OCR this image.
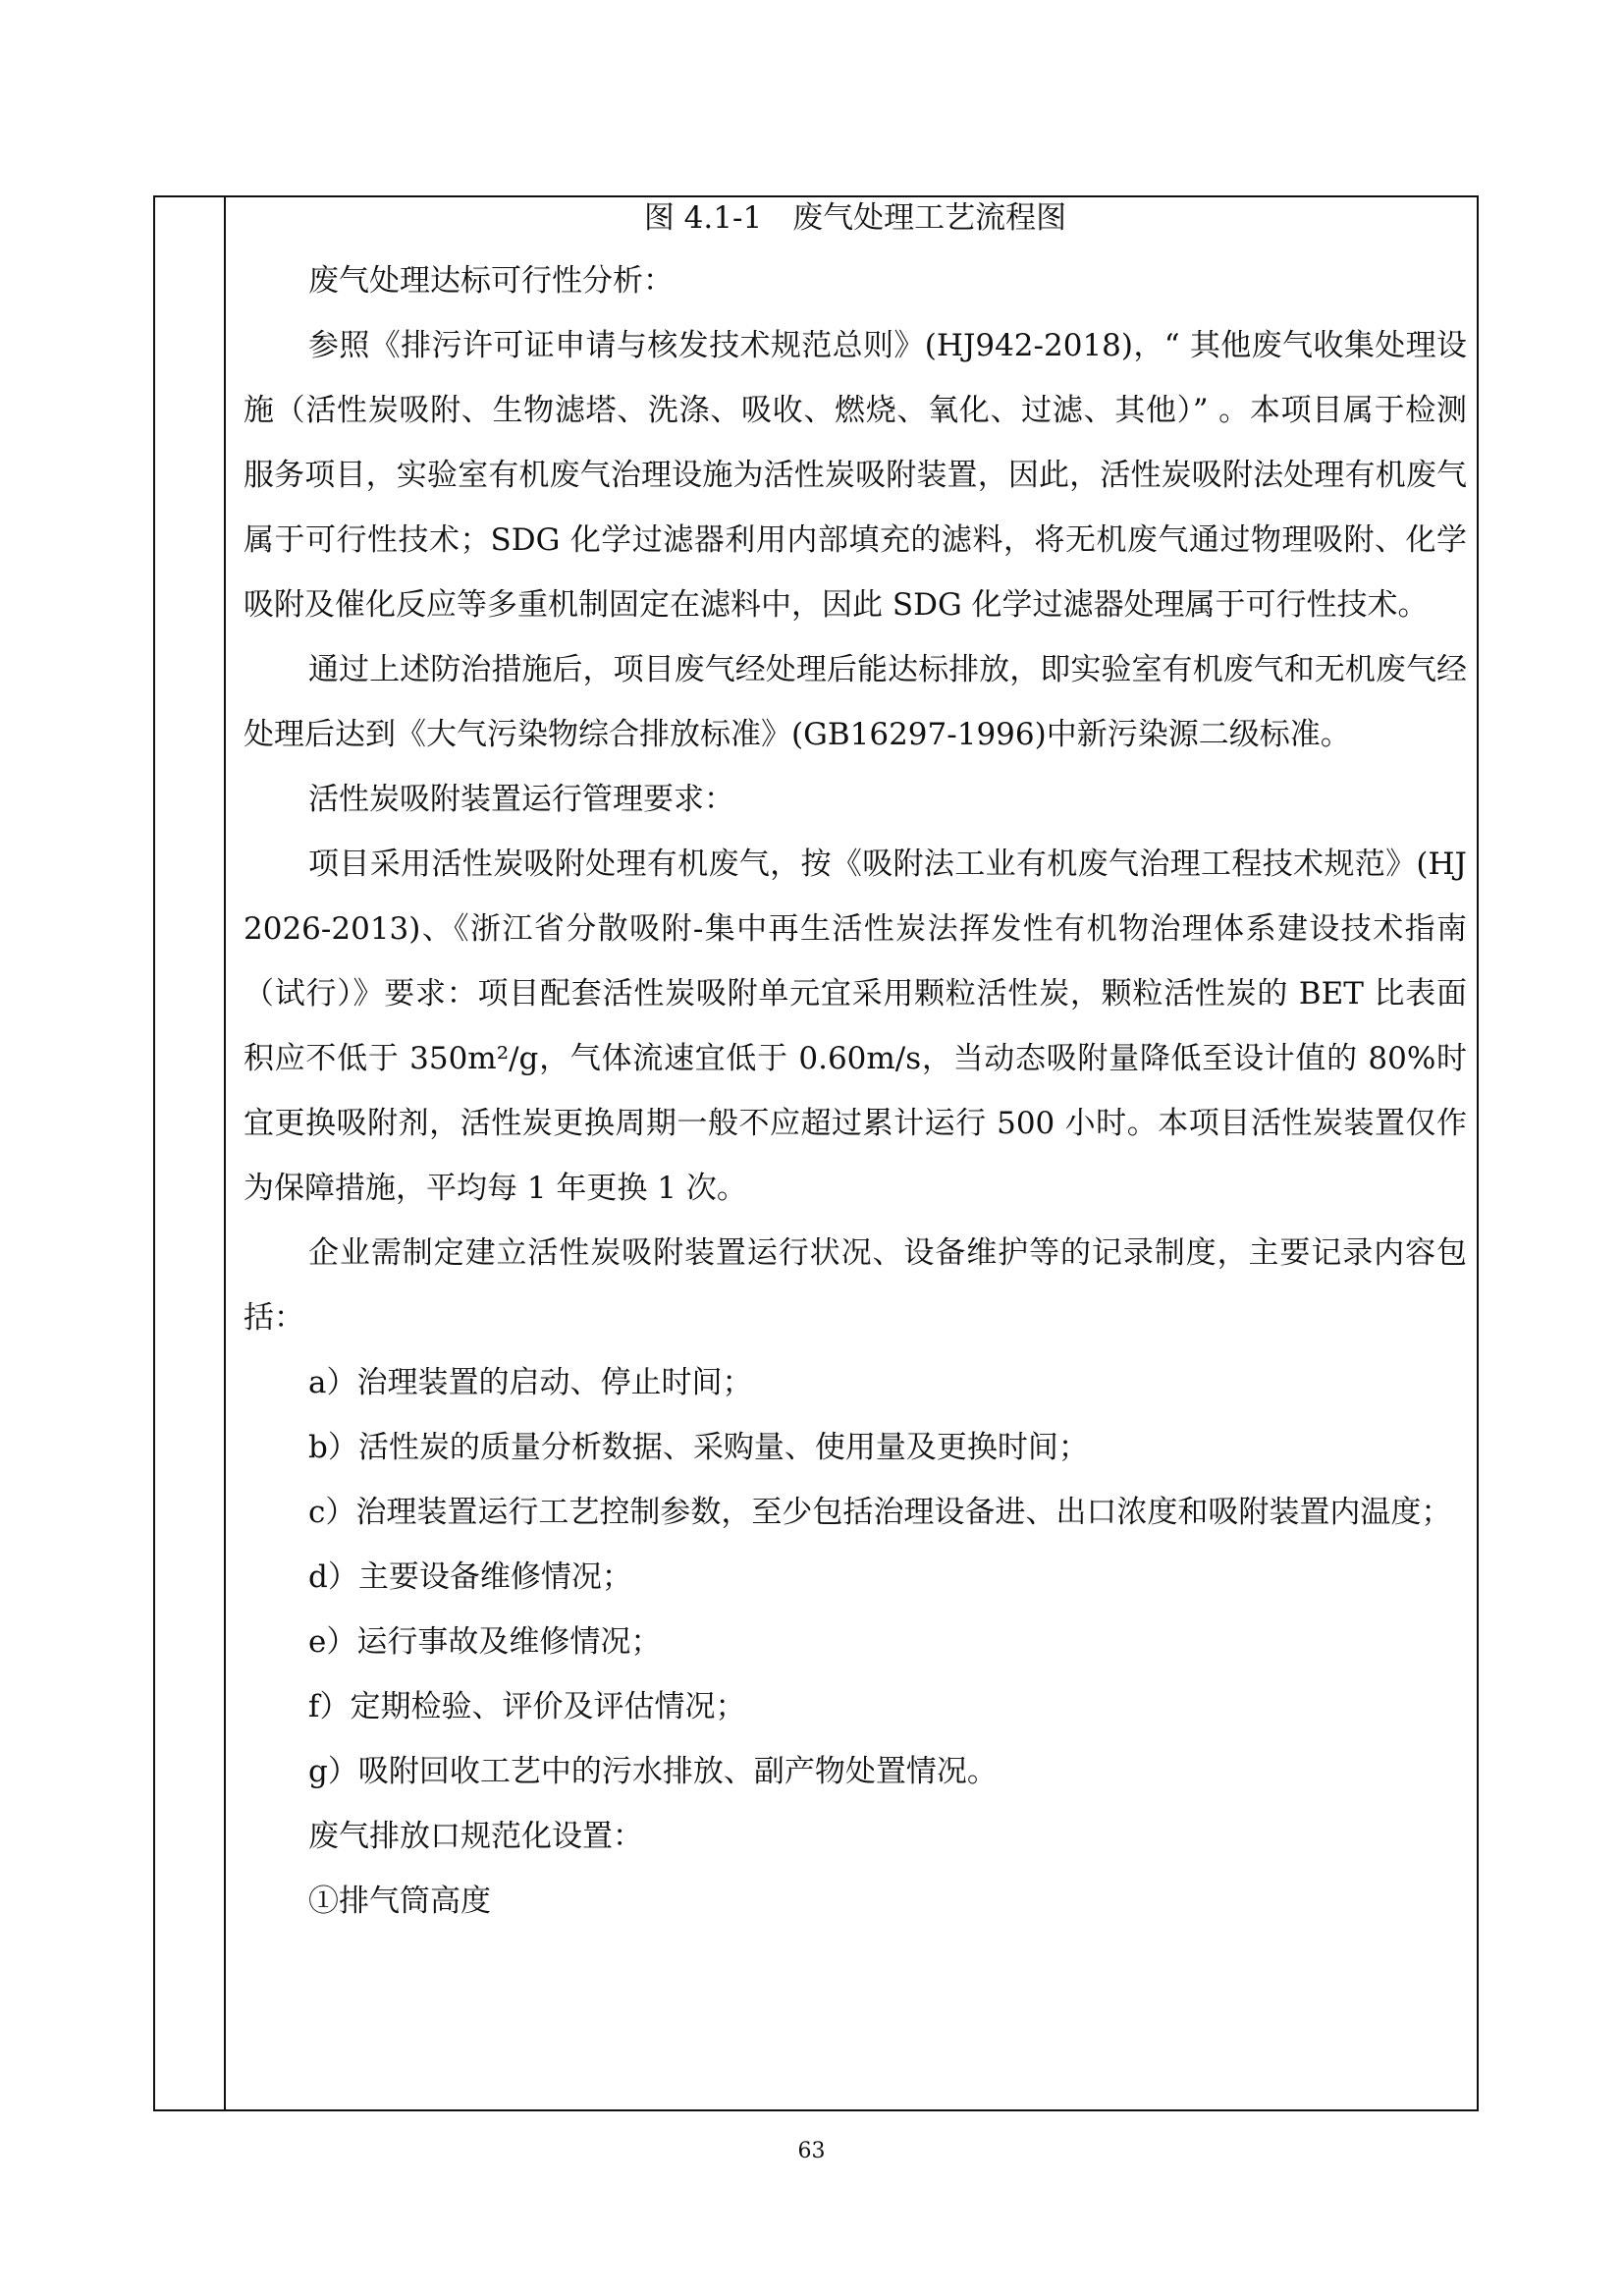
图 4.1-1　废气处理工艺流程图

废气处理达标可行性分析：

参照《排污许可证申请与核发技术规范总则》(HJ942-2018)，“ 其他废气收集处理设施（活性炭吸附、生物滤塔、洗涤、吸收、燃烧、氧化、过滤、其他）” 。本项目属于检测服务项目，实验室有机废气治理设施为活性炭吸附装置，因此，活性炭吸附法处理有机废气属于可行性技术；SDG 化学过滤器利用内部填充的滤料，将无机废气通过物理吸附、化学吸附及催化反应等多重机制固定在滤料中，因此 SDG 化学过滤器处理属于可行性技术。

通过上述防治措施后，项目废气经处理后能达标排放，即实验室有机废气和无机废气经处理后达到《大气污染物综合排放标准》(GB16297-1996)中新污染源二级标准。

活性炭吸附装置运行管理要求：

项目采用活性炭吸附处理有机废气，按《吸附法工业有机废气治理工程技术规范》(HJ 2026-2013)、《浙江省分散吸附-集中再生活性炭法挥发性有机物治理体系建设技术指南（试行）》要求：项目配套活性炭吸附单元宜采用颗粒活性炭，颗粒活性炭的 BET 比表面积应不低于 350m²/g，气体流速宜低于 0.60m/s，当动态吸附量降低至设计值的 80%时宜更换吸附剂，活性炭更换周期一般不应超过累计运行 500 小时。本项目活性炭装置仅作为保障措施，平均每 1 年更换 1 次。

企业需制定建立活性炭吸附装置运行状况、设备维护等的记录制度，主要记录内容包括：

a）治理装置的启动、停止时间；

b）活性炭的质量分析数据、采购量、使用量及更换时间；

c）治理装置运行工艺控制参数，至少包括治理设备进、出口浓度和吸附装置内温度；

d）主要设备维修情况；

e）运行事故及维修情况；

f）定期检验、评价及评估情况；

g）吸附回收工艺中的污水排放、副产物处置情况。

废气排放口规范化设置：

①排气筒高度

63
